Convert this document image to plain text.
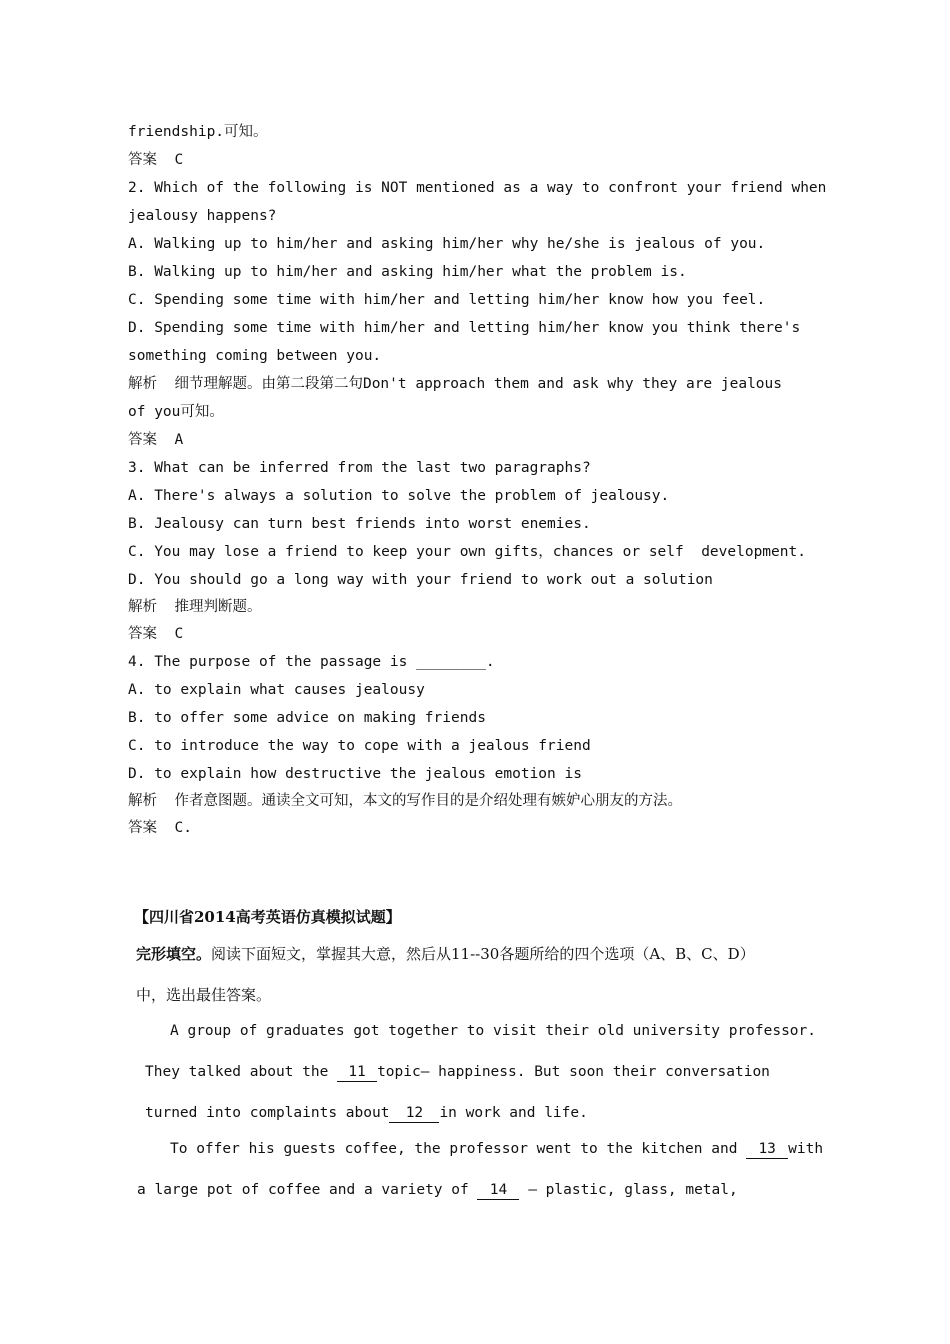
friendship.可知。
答案  C
2. Which of the following is NOT mentioned as a way to confront your friend when
jealousy happens?
A. Walking up to him/her and asking him/her why he/she is jealous of you.
B. Walking up to him/her and asking him/her what the problem is.
C. Spending some time with him/her and letting him/her know how you feel.
D. Spending some time with him/her and letting him/her know you think there's
something coming between you.
解析  细节理解题。由第二段第二句Don't approach them and ask why they are jealous
of you可知。
答案  A
3. What can be inferred from the last two paragraphs?
A. There's always a solution to solve the problem of jealousy.
B. Jealousy can turn best friends into worst enemies.
C. You may lose a friend to keep your own gifts，chances or self  development.
D. You should go a long way with your friend to work out a solution
解析  推理判断题。
答案  C
4. The purpose of the passage is ________.
A. to explain what causes jealousy
B. to offer some advice on making friends
C. to introduce the way to cope with a jealous friend
D. to explain how destructive the jealous emotion is
解析  作者意图题。通读全文可知，本文的写作目的是介绍处理有嫉妒心朋友的方法。
答案  C.
【四川省2014高考英语仿真模拟试题】
完形填空。阅读下面短文，掌握其大意，然后从11--30各题所给的四个选项（A、B、C、D）
中，选出最佳答案。
A group of graduates got together to visit their old university professor.
They talked about the 11 topic— happiness. But soon their conversation
turned into complaints about 12 in work and life.
To offer his guests coffee, the professor went to the kitchen and 13 with
a large pot of coffee and a variety of 14 — plastic, glass, metal,
